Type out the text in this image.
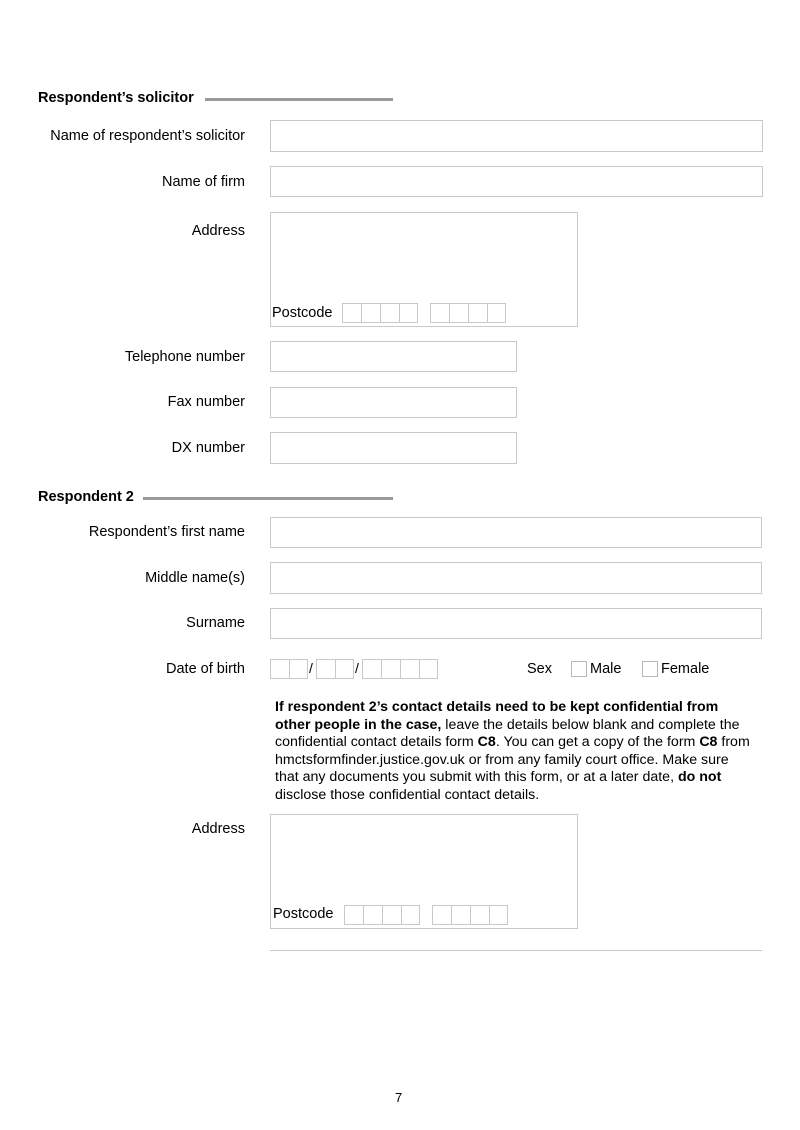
Respondent’s solicitor
Name of respondent’s solicitor
Name of firm
Address
Postcode
Telephone number
Fax number
DX number
Respondent 2
Respondent’s first name
Middle name(s)
Surname
Date of birth	/	/	Sex	Male	Female
If respondent 2’s contact details need to be kept confidential from other people in the case, leave the details below blank and complete the confidential contact details form C8. You can get a copy of the form C8 from hmctsformfinder.justice.gov.uk or from any family court office. Make sure that any documents you submit with this form, or at a later date, do not disclose those confidential contact details.
Address
Postcode
7
